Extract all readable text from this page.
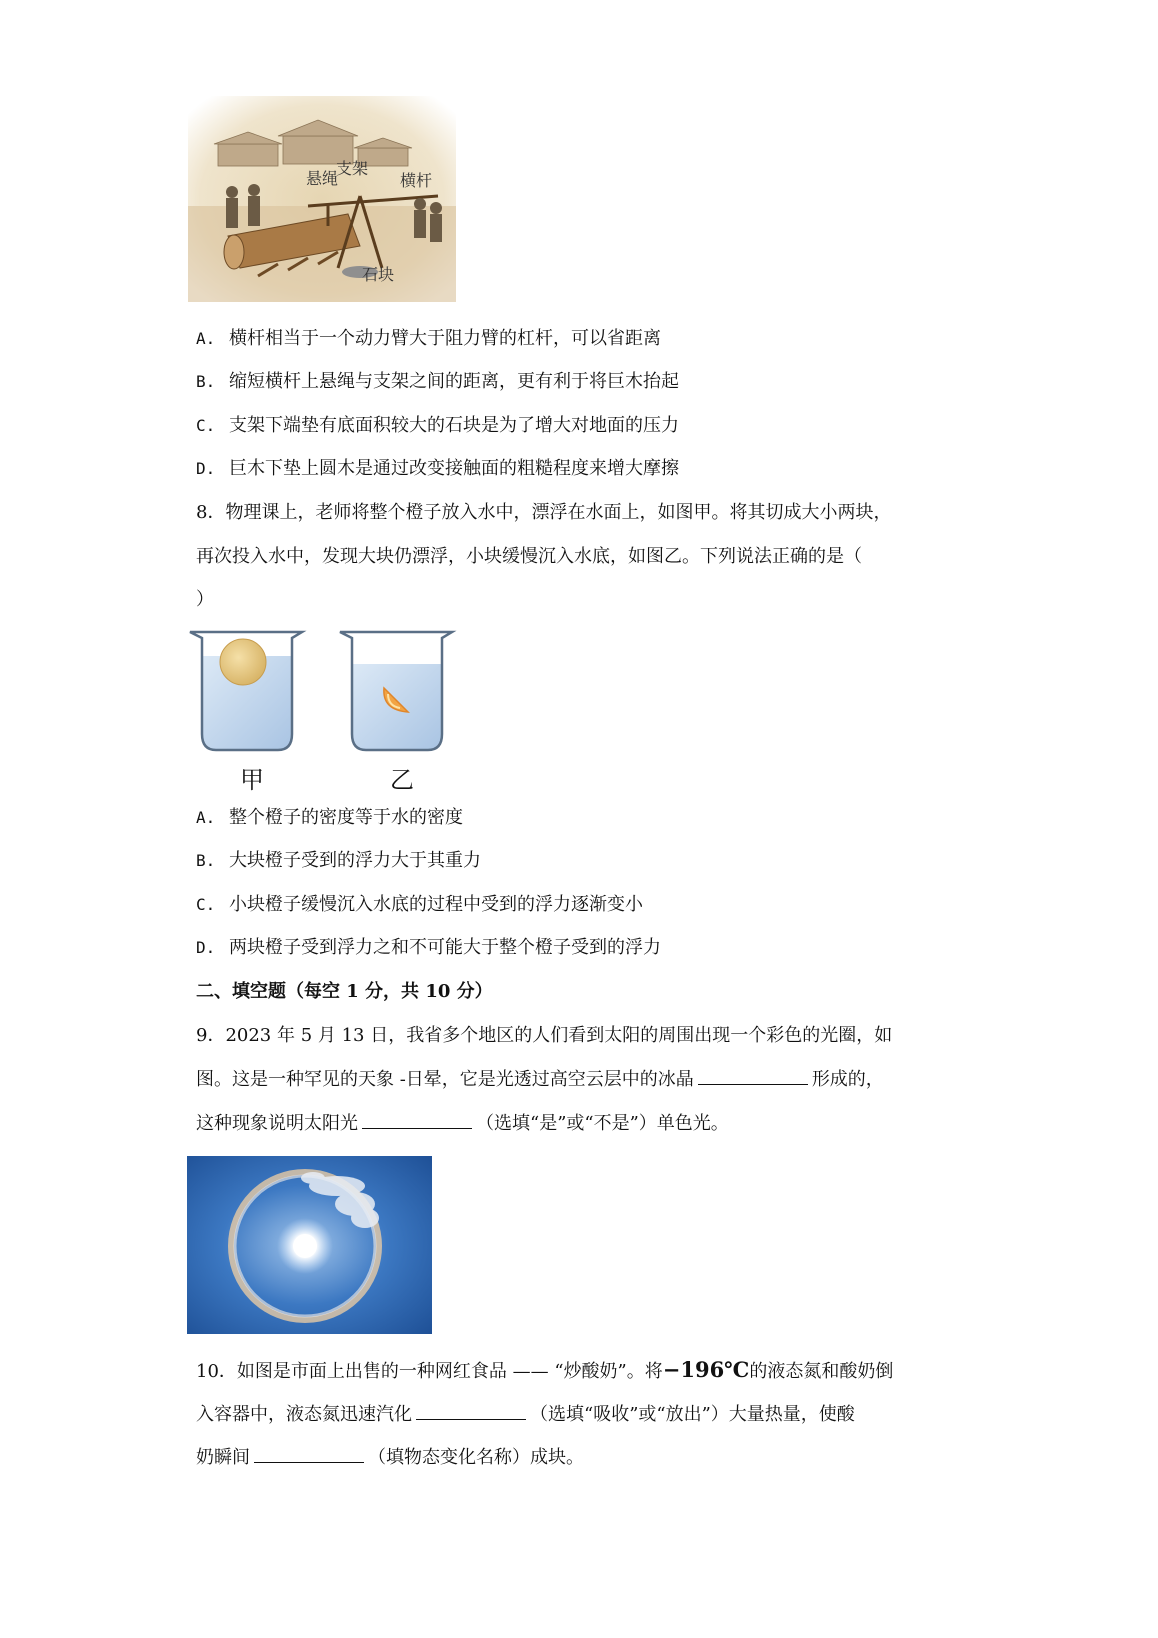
悬绳
支架
横杆
石块
A. 横杆相当于一个动力臂大于阻力臂的杠杆，可以省距离
B. 缩短横杆上悬绳与支架之间的距离，更有利于将巨木抬起
C. 支架下端垫有底面积较大的石块是为了增大对地面的压力
D. 巨木下垫上圆木是通过改变接触面的粗糙程度来增大摩擦
8．物理课上，老师将整个橙子放入水中，漂浮在水面上，如图甲。将其切成大小两块，
再次投入水中，发现大块仍漂浮，小块缓慢沉入水底，如图乙。下列说法正确的是（
）
甲	乙
A. 整个橙子的密度等于水的密度
B. 大块橙子受到的浮力大于其重力
C. 小块橙子缓慢沉入水底的过程中受到的浮力逐渐变小
D. 两块橙子受到浮力之和不可能大于整个橙子受到的浮力
二、填空题（每空 1 分，共 10 分）
9．2023 年 5 月 13 日，我省多个地区的人们看到太阳的周围出现一个彩色的光圈，如
图。这是一种罕见的天象 -日晕，它是光透过高空云层中的冰晶	形成的，
这种现象说明太阳光	（选填“是”或“不是”）单色光。
10．如图是市面上出售的一种网红食品 —— “炒酸奶”。将−196℃的液态氮和酸奶倒
入容器中，液态氮迅速汽化	（选填“吸收”或“放出”）大量热量，使酸
奶瞬间	（填物态变化名称）成块。
